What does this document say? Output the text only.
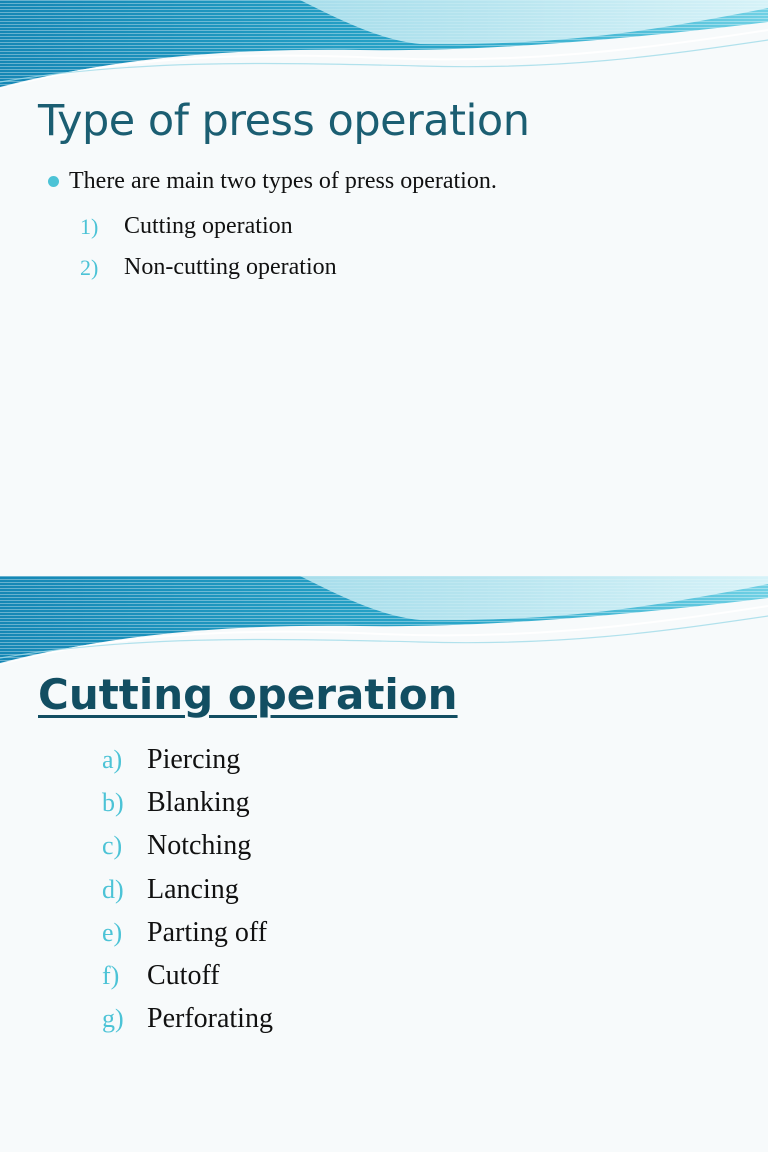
Type of press operation
There are main two types of press operation.
1)	Cutting operation
2)	Non-cutting operation
Cutting operation
a) Piercing
b) Blanking
c) Notching
d) Lancing
e) Parting off
f) Cutoff
g) Perforating
